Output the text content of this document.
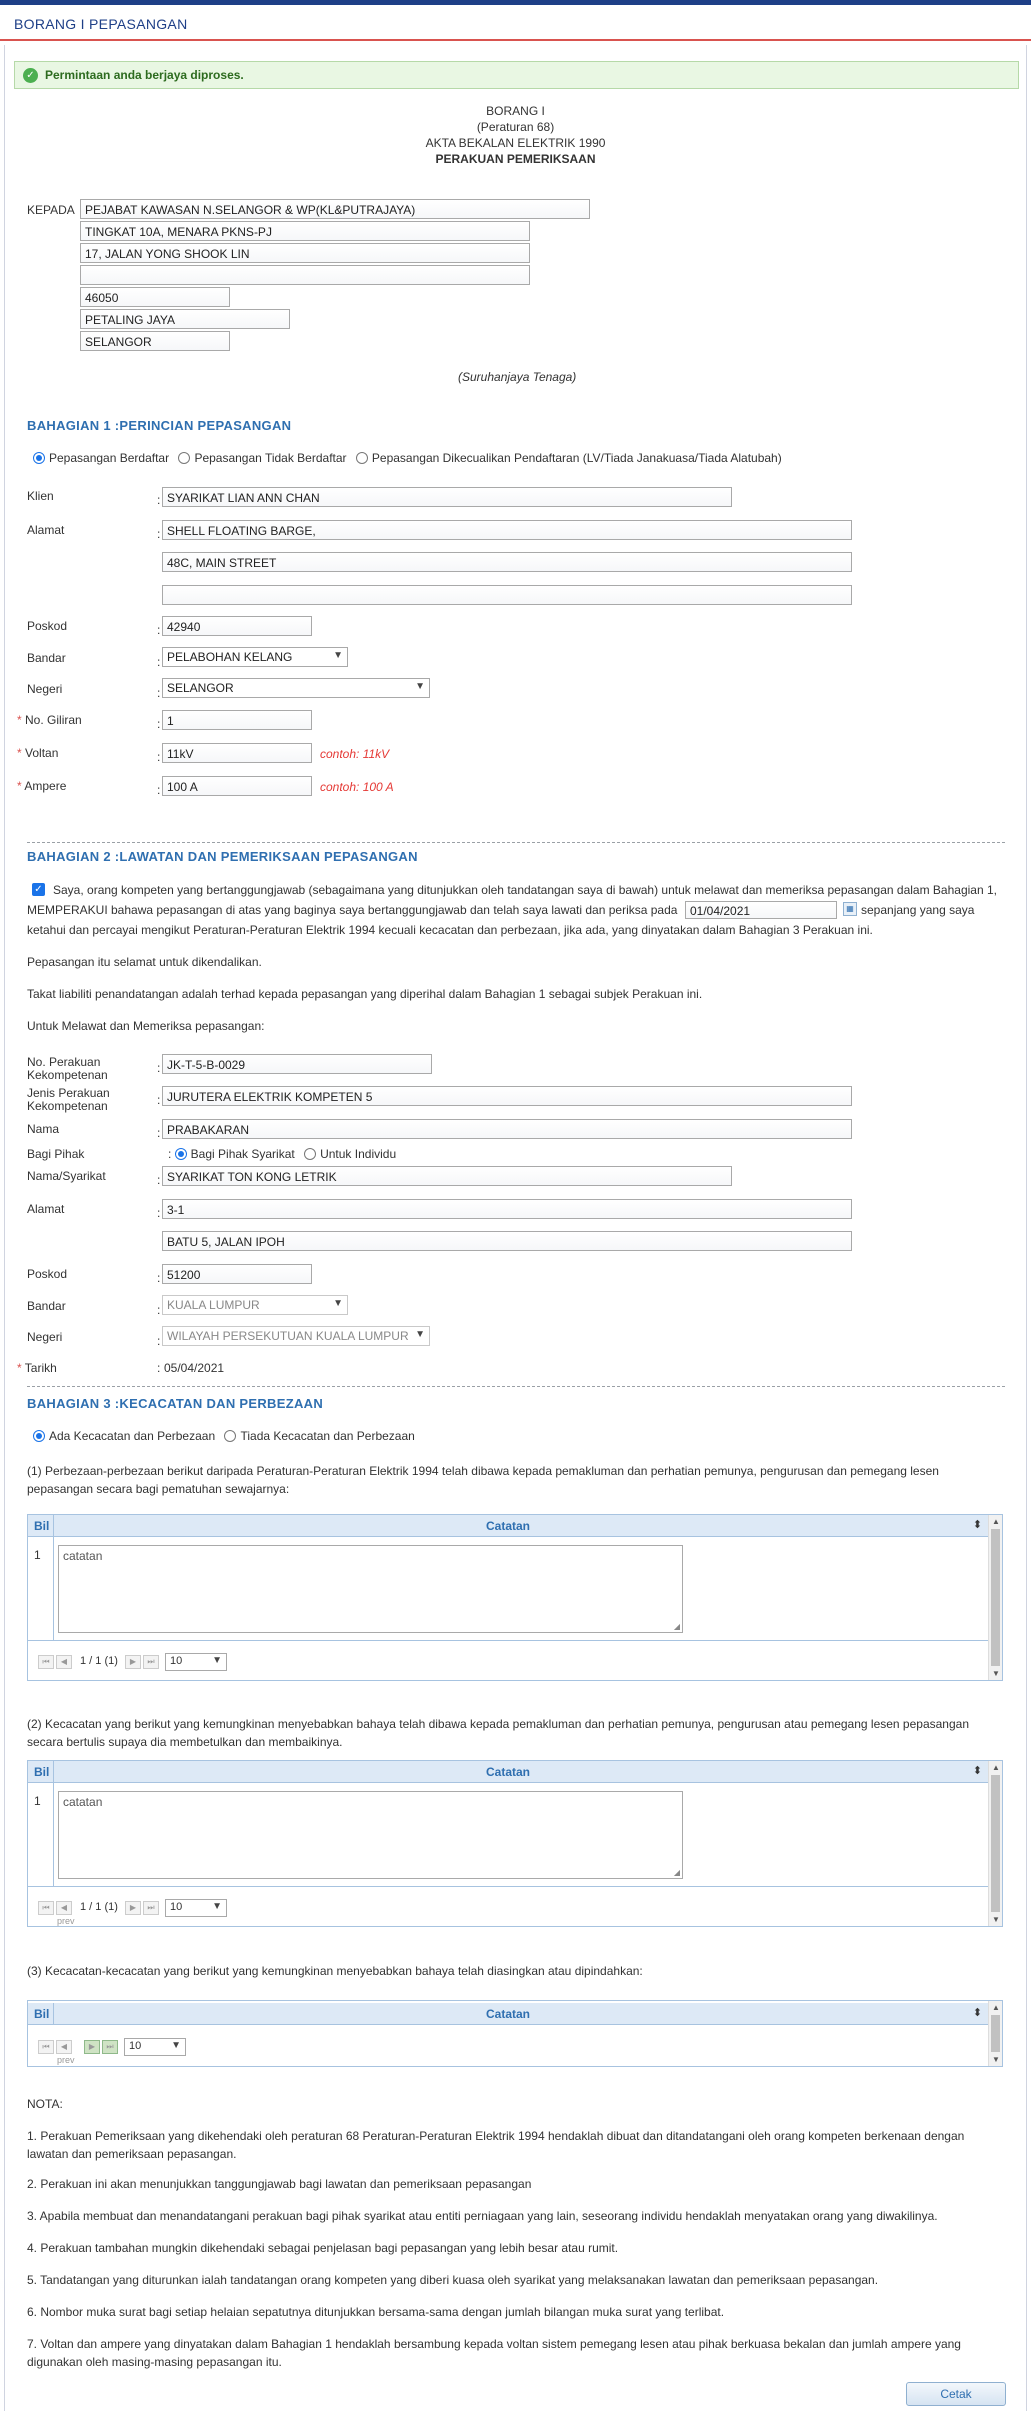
BORANG I PEPASANGAN
✓ Permintaan anda berjaya diproses.
BORANG I
(Peraturan 68)
AKTA BEKALAN ELEKTRIK 1990
PERAKUAN PEMERIKSAAN
KEPADA PEJABAT KAWASAN N.SELANGOR & WP(KL&PUTRAJAYA)
TINGKAT 10A, MENARA PKNS-PJ
17, JALAN YONG SHOOK LIN
46050
PETALING JAYA
SELANGOR
(Suruhanjaya Tenaga)
BAHAGIAN 1 :PERINCIAN PEPASANGAN
Pepasangan Berdaftar Pepasangan Tidak Berdaftar Pepasangan Dikecualikan Pendaftaran (LV/Tiada Janakuasa/Tiada Alatubah)
Klien	: SYARIKAT LIAN ANN CHAN
Alamat	: SHELL FLOATING BARGE,
48C, MAIN STREET
Poskod	: 42940
Bandar	: PELABOHAN KELANG	▼
Negeri	: SELANGOR	▼
* No. Giliran	: 1
* Voltan	: 11kV	contoh: 11kV
* Ampere	: 100 A	contoh: 100 A
BAHAGIAN 2 :LAWATAN DAN PEMERIKSAAN PEPASANGAN
✓ Saya, orang kompeten yang bertanggungjawab (sebagaimana yang ditunjukkan oleh tandatangan saya di bawah) untuk melawat dan memeriksa pepasangan dalam Bahagian 1,
MEMPERAKUI bahawa pepasangan di atas yang baginya saya bertanggungjawab dan telah saya lawati dan periksa pada	01/04/2021	▦ sepanjang yang saya
ketahui dan percayai mengikut Peraturan-Peraturan Elektrik 1994 kecuali kecacatan dan perbezaan, jika ada, yang dinyatakan dalam Bahagian 3 Perakuan ini.
Pepasangan itu selamat untuk dikendalikan.
Takat liabiliti penandatangan adalah terhad kepada pepasangan yang diperihal dalam Bahagian 1 sebagai subjek Perakuan ini.
Untuk Melawat dan Memeriksa pepasangan:
No. Perakuan Kekompetenan	: JK-T-5-B-0029
Jenis Perakuan Kekompetenan	: JURUTERA ELEKTRIK KOMPETEN 5
Nama	: PRABAKARAN
Bagi Pihak	: Bagi Pihak Syarikat Untuk Individu
Nama/Syarikat	: SYARIKAT TON KONG LETRIK
Alamat	: 3-1
BATU 5, JALAN IPOH
Poskod	: 51200
Bandar	: KUALA LUMPUR	▼
Negeri	: WILAYAH PERSEKUTUAN KUALA LUMPUR ▼
* Tarikh	: 05/04/2021
BAHAGIAN 3 :KECACATAN DAN PERBEZAAN
Ada Kecacatan dan Perbezaan Tiada Kecacatan dan Perbezaan
(1) Perbezaan-perbezaan berikut daripada Peraturan-Peraturan Elektrik 1994 telah dibawa kepada pemakluman dan perhatian pemunya, pengurusan dan pemegang lesen pepasangan secara bagi pematuhan sewajarnya:
Bil	Catatan	⬍
1	catatan
◢
⏮	◀	1 / 1 (1)	▶	⏭	10	▼
▲
▼
(2) Kecacatan yang berikut yang kemungkinan menyebabkan bahaya telah dibawa kepada pemakluman dan perhatian pemunya, pengurusan atau pemegang lesen pepasangan secara bertulis supaya dia membetulkan dan membaikinya.
Bil	Catatan	⬍
1	catatan
◢
⏮	◀
prev
1 / 1 (1)	▶	⏭	10	▼
▲
▼
(3) Kecacatan-kecacatan yang berikut yang kemungkinan menyebabkan bahaya telah diasingkan atau dipindahkan:
Bil	Catatan	⬍
⏮	◀
prev
▶	⏭	10	▼
▲
▼
NOTA:
1. Perakuan Pemeriksaan yang dikehendaki oleh peraturan 68 Peraturan-Peraturan Elektrik 1994 hendaklah dibuat dan ditandatangani oleh orang kompeten berkenaan dengan lawatan dan pemeriksaan pepasangan.
2. Perakuan ini akan menunjukkan tanggungjawab bagi lawatan dan pemeriksaan pepasangan
3. Apabila membuat dan menandatangani perakuan bagi pihak syarikat atau entiti perniagaan yang lain, seseorang individu hendaklah menyatakan orang yang diwakilinya.
4. Perakuan tambahan mungkin dikehendaki sebagai penjelasan bagi pepasangan yang lebih besar atau rumit.
5. Tandatangan yang diturunkan ialah tandatangan orang kompeten yang diberi kuasa oleh syarikat yang melaksanakan lawatan dan pemeriksaan pepasangan.
6. Nombor muka surat bagi setiap helaian sepatutnya ditunjukkan bersama-sama dengan jumlah bilangan muka surat yang terlibat.
7. Voltan dan ampere yang dinyatakan dalam Bahagian 1 hendaklah bersambung kepada voltan sistem pemegang lesen atau pihak berkuasa bekalan dan jumlah ampere yang digunakan oleh masing-masing pepasangan itu.
Cetak
